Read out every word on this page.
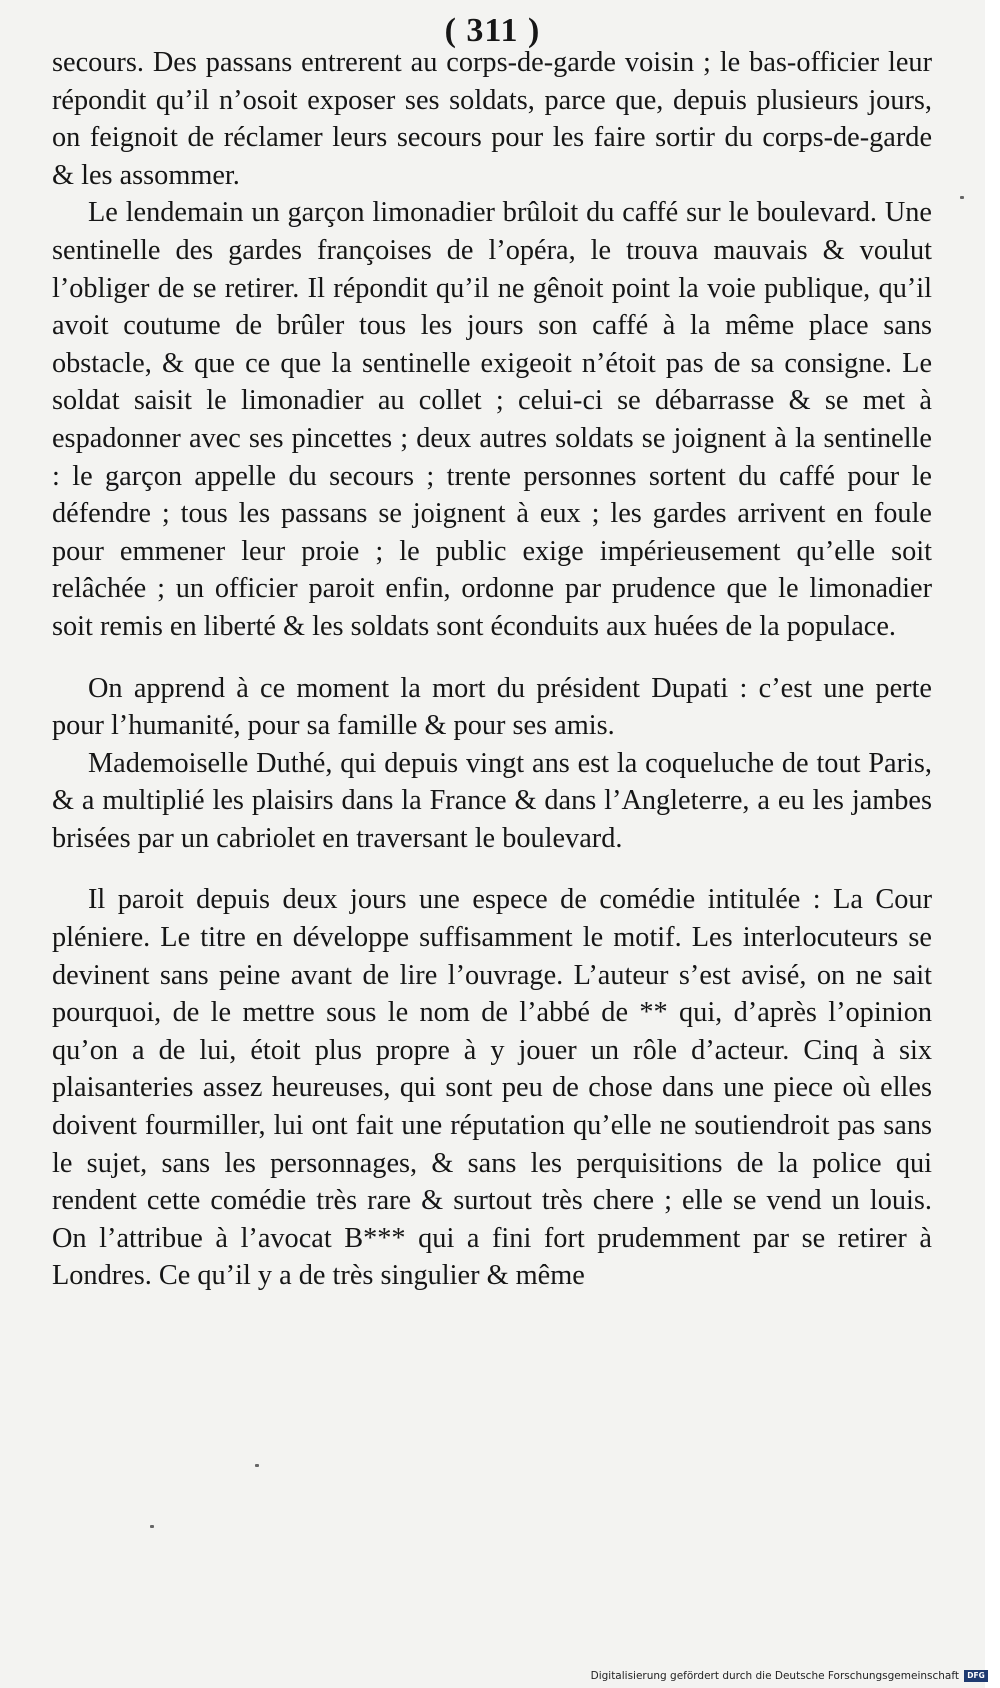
( 311 )

secours. Des passans entrerent au corps-de-garde voisin ; le bas-officier leur répondit qu’il n’osoit exposer ses soldats, parce que, depuis plusieurs jours, on feignoit de réclamer leurs secours pour les faire sortir du corps-de-garde & les assommer.

Le lendemain un garçon limonadier brûloit du caffé sur le boulevard. Une sentinelle des gardes françoises de l’opéra, le trouva mauvais & voulut l’obliger de se retirer. Il répondit qu’il ne gênoit point la voie publique, qu’il avoit coutume de brûler tous les jours son caffé à la même place sans obstacle, & que ce que la sentinelle exigeoit n’étoit pas de sa consigne. Le soldat saisit le limonadier au collet ; celui-ci se débarrasse & se met à espadonner avec ses pincettes ; deux autres soldats se joignent à la sentinelle : le garçon appelle du secours ; trente personnes sortent du caffé pour le défendre ; tous les passans se joignent à eux ; les gardes arrivent en foule pour emmener leur proie ; le public exige impérieusement qu’elle soit relâchée ; un officier paroit enfin, ordonne par prudence que le limonadier soit remis en liberté & les soldats sont éconduits aux huées de la populace.

On apprend à ce moment la mort du président Dupati : c’est une perte pour l’humanité, pour sa famille & pour ses amis.

Mademoiselle Duthé, qui depuis vingt ans est la coqueluche de tout Paris, & a multiplié les plaisirs dans la France & dans l’Angleterre, a eu les jambes brisées par un cabriolet en traversant le boulevard.

Il paroit depuis deux jours une espece de comédie intitulée : La Cour pléniere. Le titre en développe suffisamment le motif. Les interlocuteurs se devinent sans peine avant de lire l’ouvrage. L’auteur s’est avisé, on ne sait pourquoi, de le mettre sous le nom de l’abbé de ** qui, d’après l’opinion qu’on a de lui, étoit plus propre à y jouer un rôle d’acteur. Cinq à six plaisanteries assez heureuses, qui sont peu de chose dans une piece où elles doivent fourmiller, lui ont fait une réputation qu’elle ne soutiendroit pas sans le sujet, sans les personnages, & sans les perquisitions de la police qui rendent cette comédie très rare & surtout très chere ; elle se vend un louis. On l’attribue à l’avocat B*** qui a fini fort prudemment par se retirer à Londres. Ce qu’il y a de très singulier & même

Digitalisierung gefördert durch die Deutsche Forschungsgemeinschaft	DFG
